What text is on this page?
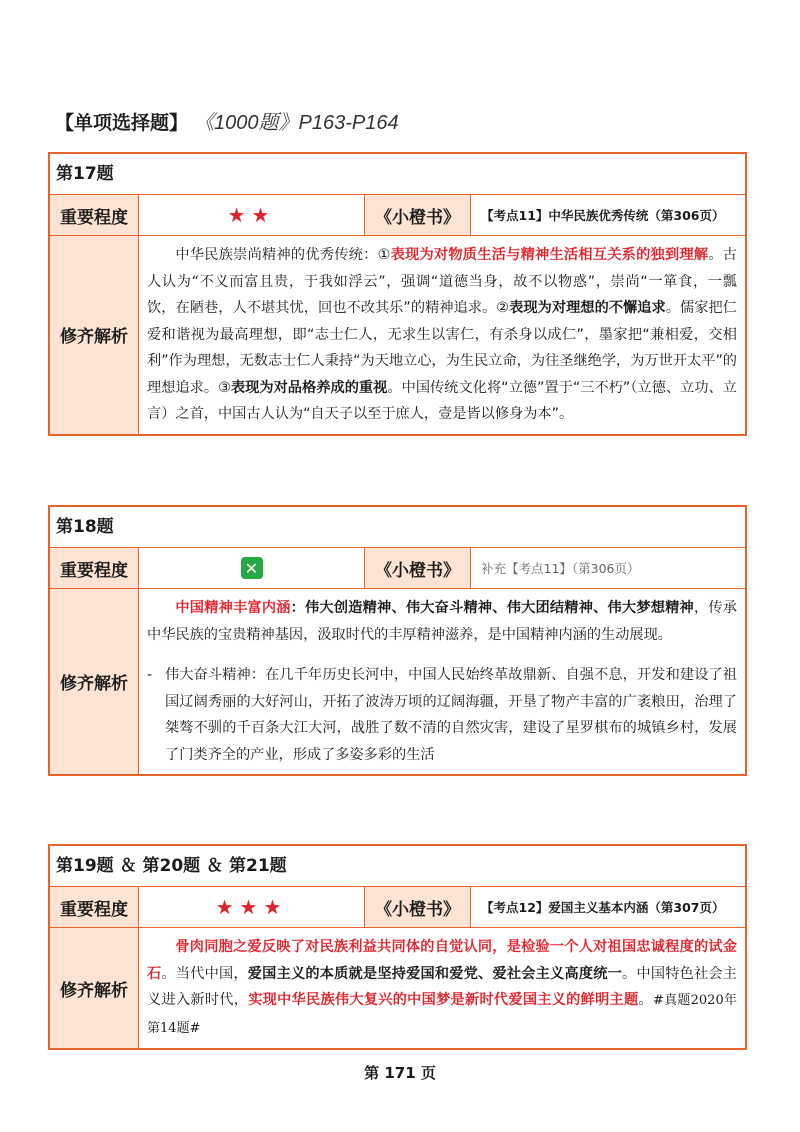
【单项选择题】 《1000题》P163-P164
第17题
重要程度	★★	《小橙书》	【考点11】中华民族优秀传统（第306页）
修齐解析

中华民族崇尚精神的优秀传统：①表现为对物质生活与精神生活相互关系的独到理解。古人认为“不义而富且贵，于我如浮云”，强调“道德当身，故不以物惑”，崇尚“一箪食，一瓢饮，在陋巷，人不堪其忧，回也不改其乐”的精神追求。②表现为对理想的不懈追求。儒家把仁爱和谐视为最高理想，即“志士仁人，无求生以害仁，有杀身以成仁”，墨家把“兼相爱，交相利”作为理想，无数志士仁人秉持“为天地立心，为生民立命，为往圣继绝学，为万世开太平”的理想追求。③表现为对品格养成的重视。中国传统文化将“立德”置于“三不朽”（立德、立功、立言）之首，中国古人认为“自天子以至于庶人，壹是皆以修身为本”。

第18题
重要程度	✕	《小橙书》	补充【考点11】（第306页）
修齐解析

中国精神丰富内涵：伟大创造精神、伟大奋斗精神、伟大团结精神、伟大梦想精神，传承中华民族的宝贵精神基因，汲取时代的丰厚精神滋养，是中国精神内涵的生动展现。

- 伟大奋斗精神：在几千年历史长河中，中国人民始终革故鼎新、自强不息，开发和建设了祖国辽阔秀丽的大好河山，开拓了波涛万顷的辽阔海疆，开垦了物产丰富的广袤粮田，治理了桀骜不驯的千百条大江大河，战胜了数不清的自然灾害，建设了星罗棋布的城镇乡村，发展了门类齐全的产业，形成了多姿多彩的生活
第19题 ＆ 第20题 ＆ 第21题
重要程度	★★★	《小橙书》	【考点12】爱国主义基本内涵（第307页）
修齐解析

骨肉同胞之爱反映了对民族利益共同体的自觉认同，是检验一个人对祖国忠诚程度的试金石。当代中国，爱国主义的本质就是坚持爱国和爱党、爱社会主义高度统一。中国特色社会主义进入新时代，实现中华民族伟大复兴的中国梦是新时代爱国主义的鲜明主题。#真题2020年第14题#

第 171 页
